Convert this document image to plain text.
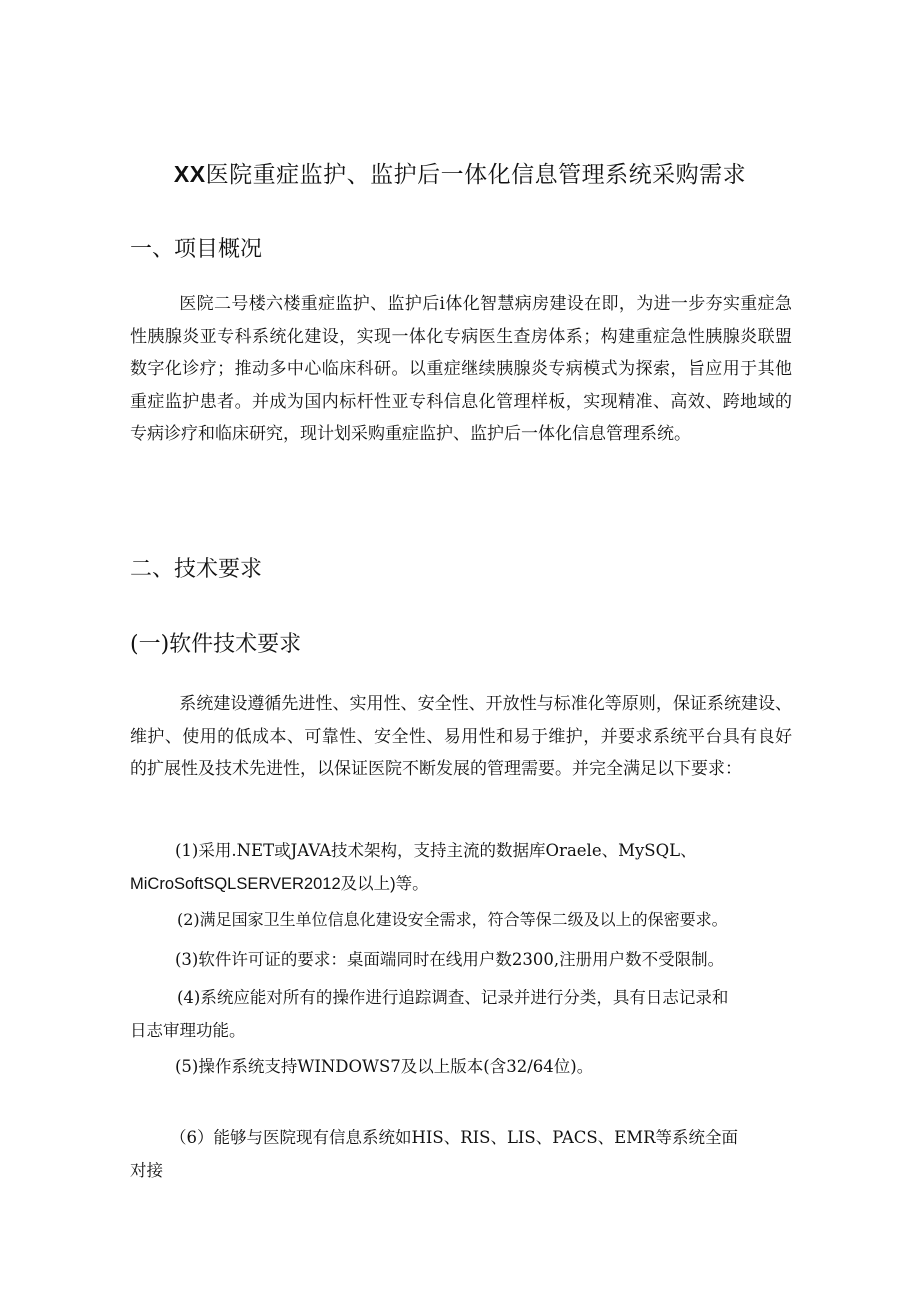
XX医院重症监护、监护后一体化信息管理系统采购需求
一、项目概况
医院二号楼六楼重症监护、监护后ⅰ体化智慧病房建设在即，为进一步夯实重症急性胰腺炎亚专科系统化建设，实现一体化专病医生查房体系；构建重症急性胰腺炎联盟数字化诊疗；推动多中心临床科研。以重症继续胰腺炎专病模式为探索，旨应用于其他重症监护患者。并成为国内标杆性亚专科信息化管理样板，实现精准、高效、跨地域的专病诊疗和临床研究，现计划采购重症监护、监护后一体化信息管理系统。
二、技术要求
(一)软件技术要求
系统建设遵循先进性、实用性、安全性、开放性与标准化等原则，保证系统建设、维护、使用的低成本、可靠性、安全性、易用性和易于维护，并要求系统平台具有良好的扩展性及技术先进性，以保证医院不断发展的管理需要。并完全满足以下要求：
(1)采用.NET或JAVA技术架构，支持主流的数据库Oraele、MySQL、
MiCroSoftSQLSERVER2012及以上)等。
(2)满足国家卫生单位信息化建设安全需求，符合等保二级及以上的保密要求。
(3)软件许可证的要求：桌面端同时在线用户数2300,注册用户数不受限制。
(4)系统应能对所有的操作进行追踪调查、记录并进行分类，具有日志记录和
日志审理功能。
(5)操作系统支持WINDOWS7及以上版本(含32/64位)。
（6）能够与医院现有信息系统如HIS、RIS、LIS、PACS、EMR等系统全面
对接
